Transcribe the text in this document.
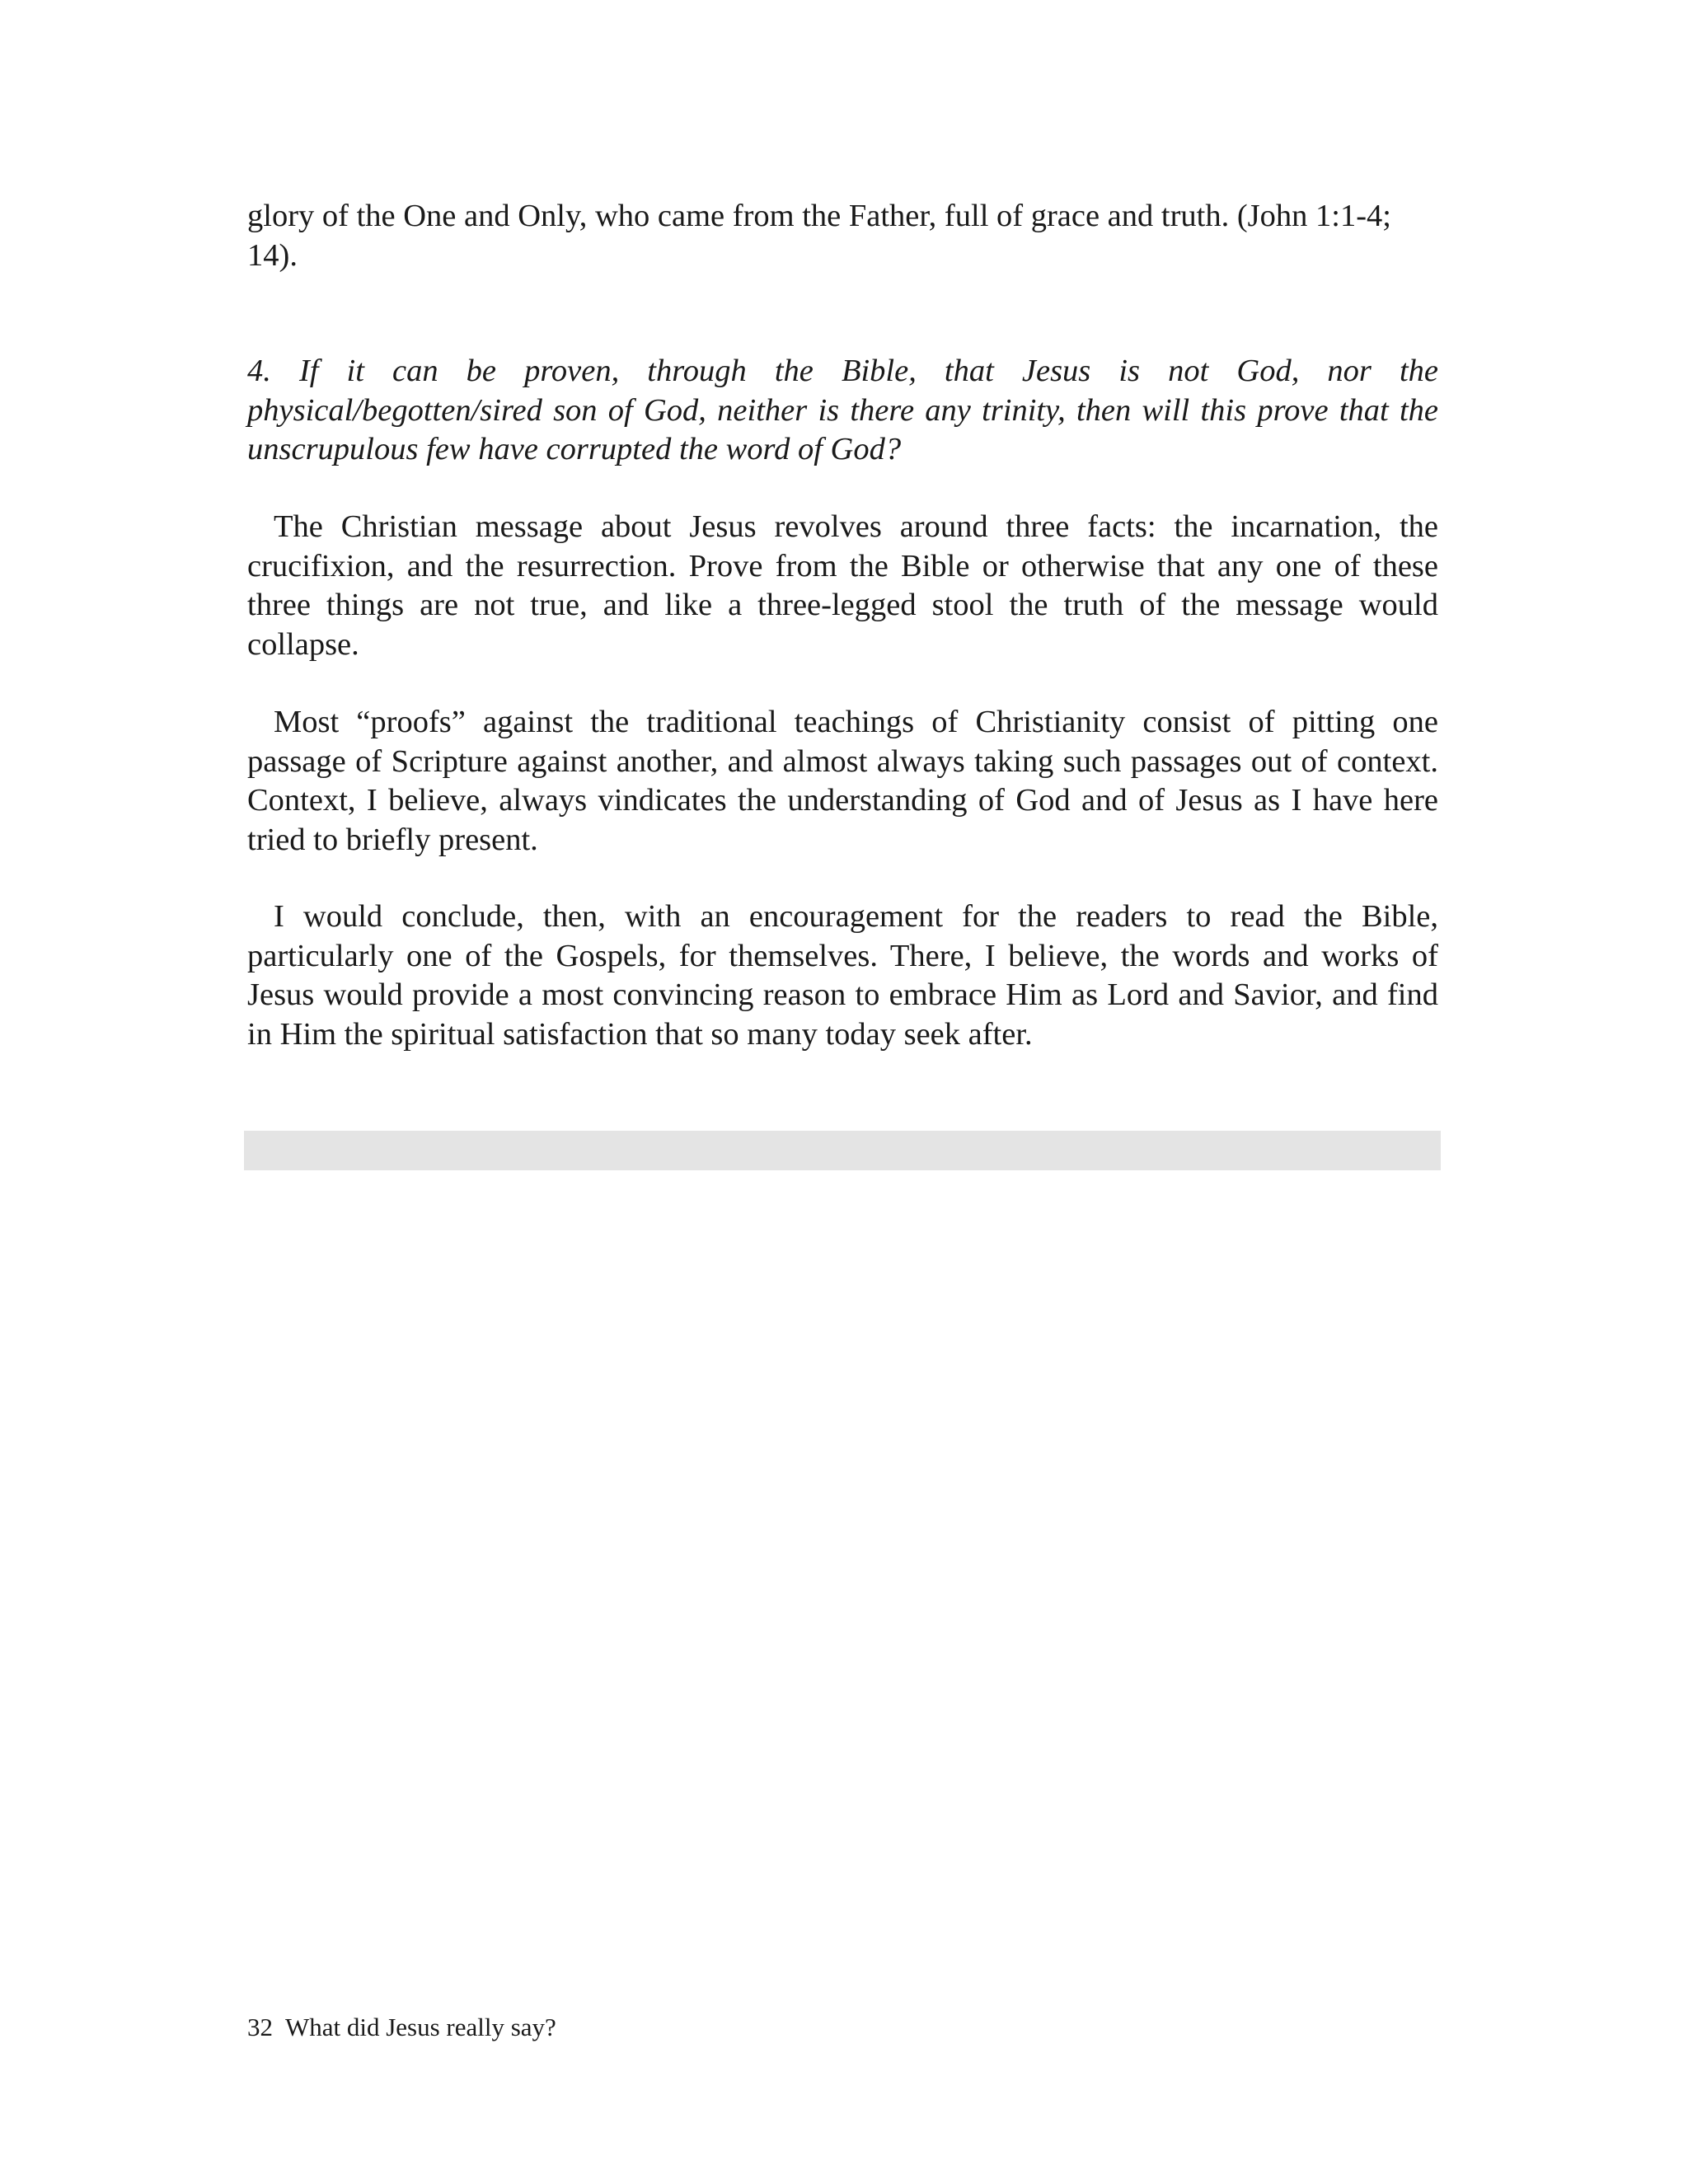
glory of the One and Only, who came from the Father, full of grace and truth. (John 1:1-4; 14).

4. If it can be proven, through the Bible, that Jesus is not God, nor the physical/begotten/sired son of God, neither is there any trinity, then will this prove that the unscrupulous few have corrupted the word of God?

The Christian message about Jesus revolves around three facts: the incarnation, the crucifixion, and the resurrection. Prove from the Bible or otherwise that any one of these three things are not true, and like a three-legged stool the truth of the message would collapse.

Most “proofs” against the traditional teachings of Christianity consist of pitting one passage of Scripture against another, and almost always taking such passages out of context. Context, I believe, always vindicates the understanding of God and of Jesus as I have here tried to briefly present.

I would conclude, then, with an encouragement for the readers to read the Bible, particularly one of the Gospels, for themselves. There, I believe, the words and works of Jesus would provide a most convincing reason to embrace Him as Lord and Savior, and find in Him the spiritual satisfaction that so many today seek after.

32 What did Jesus really say?
